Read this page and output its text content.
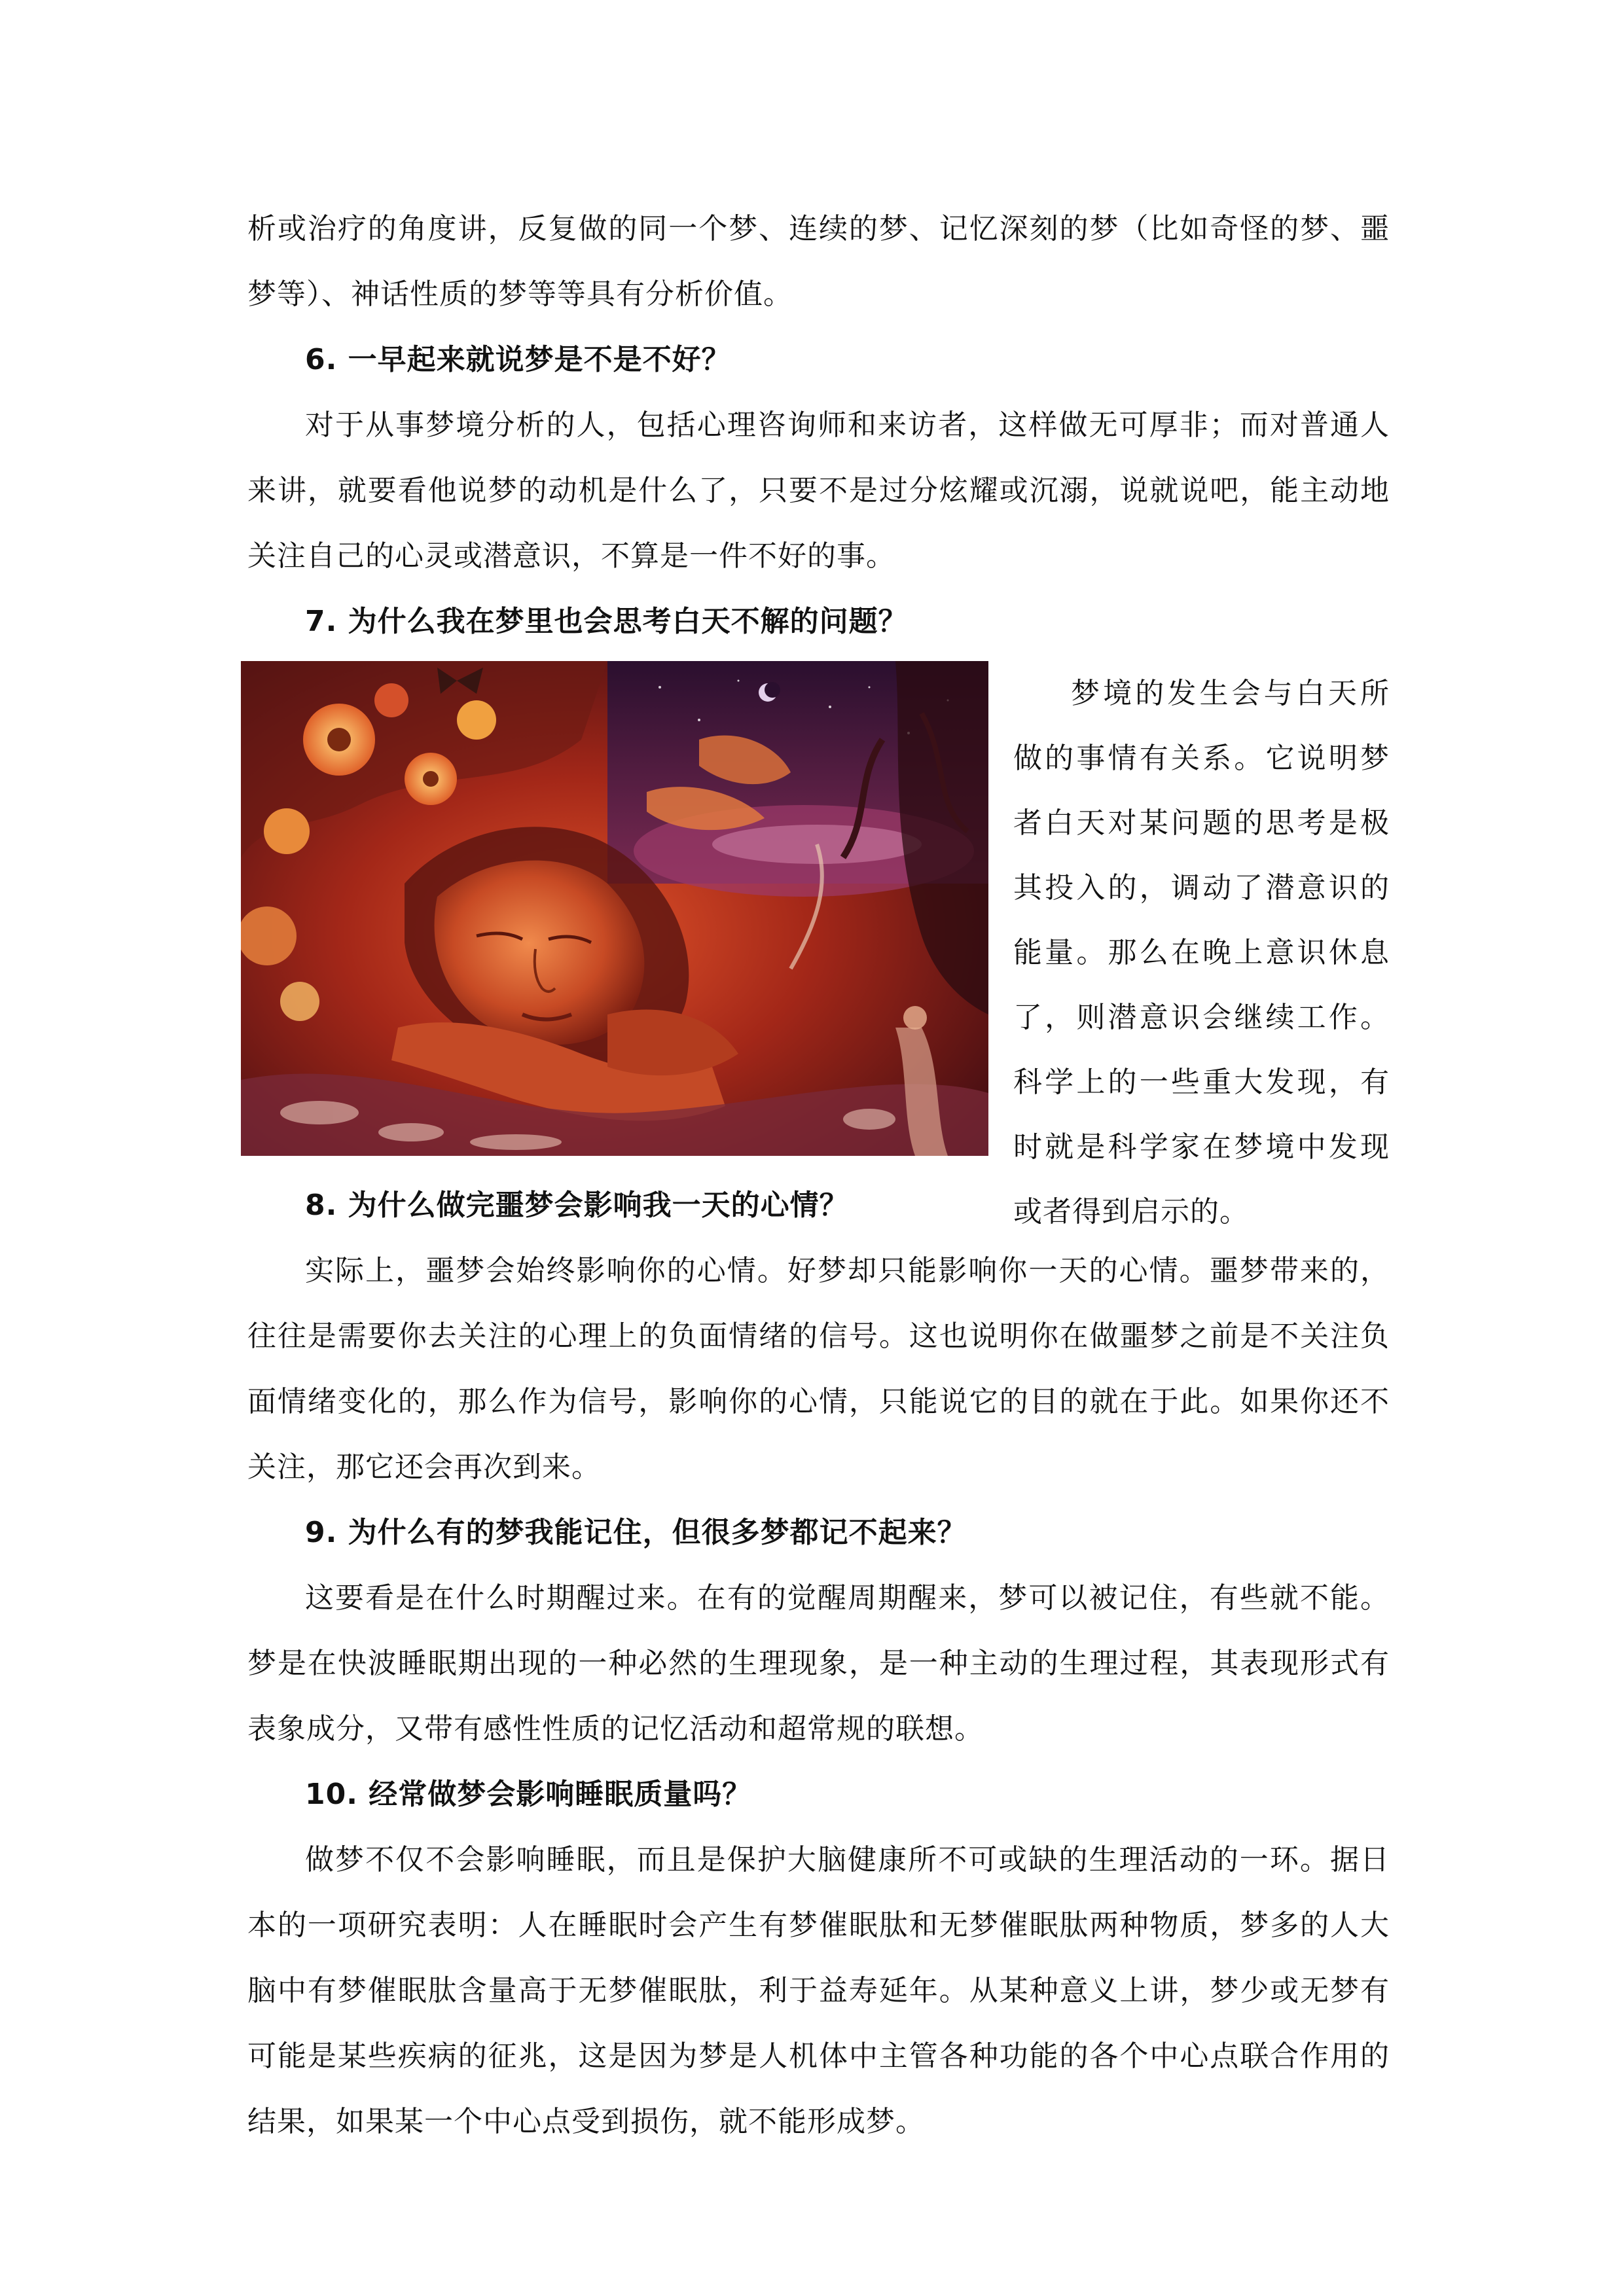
析或治疗的角度讲，反复做的同一个梦、连续的梦、记忆深刻的梦（比如奇怪的梦、噩梦等）、神话性质的梦等等具有分析价值。

6. 一早起来就说梦是不是不好？

对于从事梦境分析的人，包括心理咨询师和来访者，这样做无可厚非；而对普通人来讲，就要看他说梦的动机是什么了，只要不是过分炫耀或沉溺，说就说吧，能主动地关注自己的心灵或潜意识，不算是一件不好的事。

7. 为什么我在梦里也会思考白天不解的问题？

梦境的发生会与白天所做的事情有关系。它说明梦者白天对某问题的思考是极其投入的，调动了潜意识的能量。那么在晚上意识休息了，则潜意识会继续工作。科学上的一些重大发现，有时就是科学家在梦境中发现或者得到启示的。

8. 为什么做完噩梦会影响我一天的心情？

实际上，噩梦会始终影响你的心情。好梦却只能影响你一天的心情。噩梦带来的，往往是需要你去关注的心理上的负面情绪的信号。这也说明你在做噩梦之前是不关注负面情绪变化的，那么作为信号，影响你的心情，只能说它的目的就在于此。如果你还不关注，那它还会再次到来。

9. 为什么有的梦我能记住，但很多梦都记不起来？

这要看是在什么时期醒过来。在有的觉醒周期醒来，梦可以被记住，有些就不能。梦是在快波睡眠期出现的一种必然的生理现象，是一种主动的生理过程，其表现形式有表象成分，又带有感性性质的记忆活动和超常规的联想。

10. 经常做梦会影响睡眠质量吗？

做梦不仅不会影响睡眠，而且是保护大脑健康所不可或缺的生理活动的一环。据日本的一项研究表明：人在睡眠时会产生有梦催眠肽和无梦催眠肽两种物质，梦多的人大脑中有梦催眠肽含量高于无梦催眠肽，利于益寿延年。从某种意义上讲，梦少或无梦有可能是某些疾病的征兆，这是因为梦是人机体中主管各种功能的各个中心点联合作用的结果，如果某一个中心点受到损伤，就不能形成梦。
